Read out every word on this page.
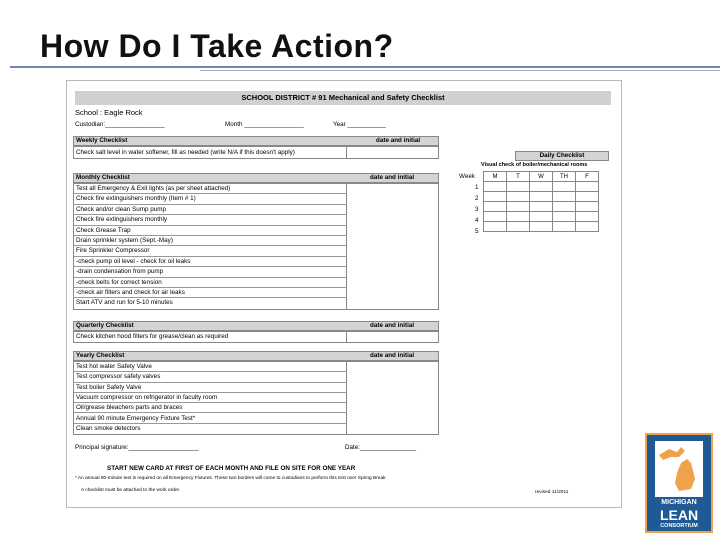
How Do I Take Action?
SCHOOL DISTRICT # 91 Mechanical and Safety Checklist
School : Eagle Rock
Custodian:_________________	Month _________________	Year ___________
Weekly Checklist	date and initial
Check salt level in water softener, fill as needed (write N/A if this doesn't apply)
Monthly Checklist	date and initial
Test all Emergency & Exit lights (as per sheet attached)
Check fire extinguishers monthly (Item # 1)
Check and/or clean Sump pump
Check fire extinguishers monthly
Check Grease Trap
Drain sprinkler system (Sept.-May)
Fire Sprinkler Compressor
-check pump oil level - check for oil leaks
-drain condensation from pump
-check belts for correct tension
-check air filters and check for air leaks
Start ATV and run for 5-10 minutes
Quarterly Checklist	date and initial
Check kitchen hood filters for grease/clean as required
Yearly Checklist	date and initial
Test hot water Safety Valve
Test compressor safety valves
Test boiler Safety Valve
Vacuum compressor on refrigerator in faculty room
Oil/grease bleachers parts and braces
Annual 90 minute Emergency Fixture Test*
Clean smoke detectors
Daily Checklist
Visual check of boiler/mechanical rooms
Week	M	T	W	TH	F

1
2
3
4
5
Principal signature:____________________	Date:________________
START NEW CARD AT FIRST OF EACH MONTH AND FILE ON SITE FOR ONE YEAR
* An annual 90-minute test is required on all Emergency Fixtures. These two borders will come to custodians to perform this test over Spring Break
A checklist must be attached to the work order.	revised 11/2011
MICHIGAN
LEAN
CONSORTIUM
